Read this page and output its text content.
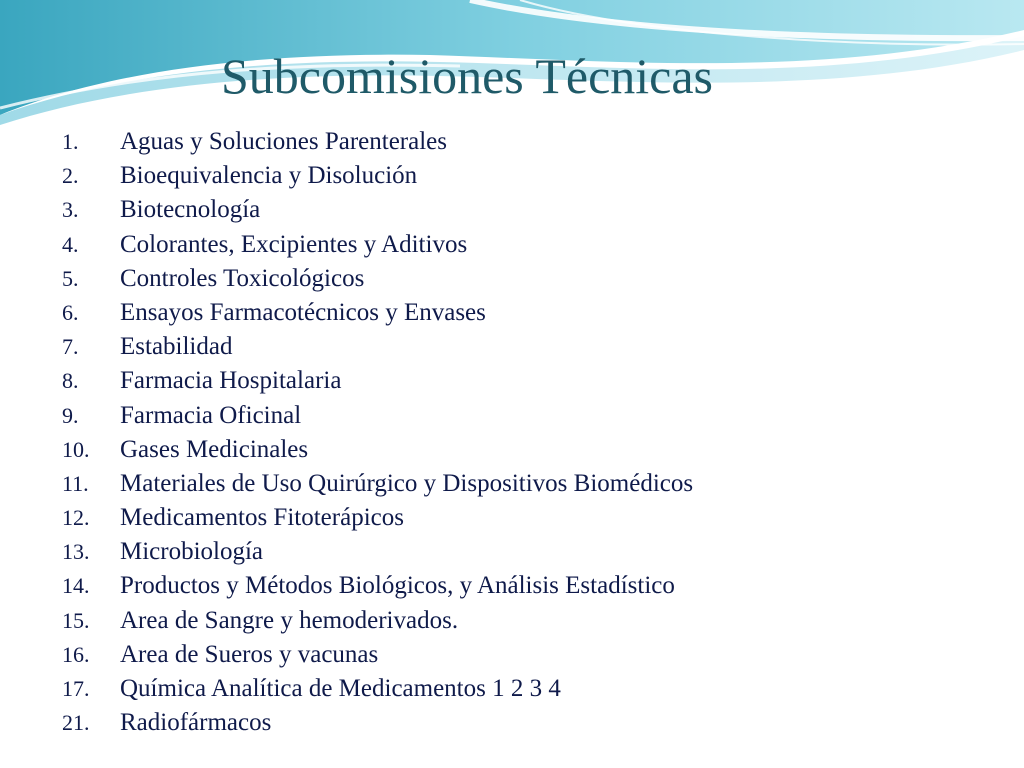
Subcomisiones Técnicas
1. Aguas y Soluciones Parenterales
2. Bioequivalencia y Disolución
3. Biotecnología
4. Colorantes, Excipientes y Aditivos
5. Controles Toxicológicos
6. Ensayos Farmacotécnicos y Envases
7. Estabilidad
8. Farmacia Hospitalaria
9. Farmacia Oficinal
10. Gases Medicinales
11. Materiales de Uso Quirúrgico y Dispositivos Biomédicos
12. Medicamentos Fitoterápicos
13. Microbiología
14. Productos y Métodos Biológicos, y Análisis Estadístico
15. Area de Sangre y hemoderivados.
16. Area de Sueros y vacunas
17. Química Analítica de Medicamentos 1 2 3 4
21. Radiofármacos
